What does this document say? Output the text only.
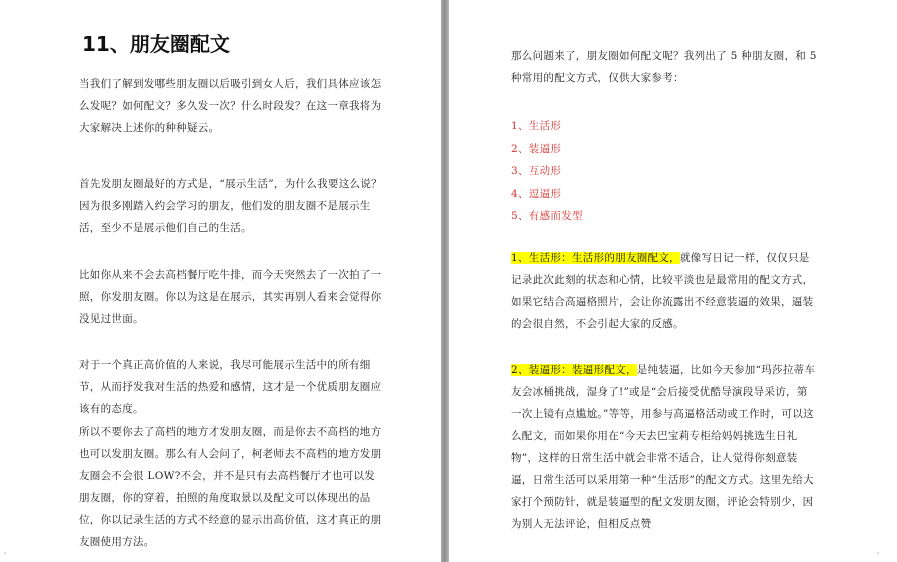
11、朋友圈配文

当我们了解到发哪些朋友圈以后吸引到女人后，我们具体应该怎么发呢？如何配文？多久发一次？什么时段发？在这一章我将为大家解决上述你的种种疑云。

首先发朋友圈最好的方式是，“展示生活”，为什么我要这么说？因为很多刚踏入约会学习的朋友，他们发的朋友圈不是展示生活，至少不是展示他们自己的生活。

比如你从来不会去高档餐厅吃牛排，而今天突然去了一次拍了一照，你发朋友圈。你以为这是在展示，其实再别人看来会觉得你没见过世面。

对于一个真正高价值的人来说，我尽可能展示生活中的所有细节，从而抒发我对生活的热爱和感情，这才是一个优质朋友圈应该有的态度。

所以不要你去了高档的地方才发朋友圈，而是你去不高档的地方也可以发朋友圈。那么有人会问了，柯老师去不高档的地方发朋友圈会不会很 LOW?不会，并不是只有去高档餐厅才也可以发朋友圈，你的穿着，拍照的角度取景以及配文可以体现出的品位，你以记录生活的方式不经意的显示出高价值，这才真正的朋友圈使用方法。

'

那么问题来了，朋友圈如何配文呢？我列出了 5 种朋友圈，和 5 种常用的配文方式，仅供大家参考：

1、生活形
2、装逼形
3、互动形
4、逗逼形
5、有感而发型

1、生活形：生活形的朋友圈配文，就像写日记一样，仅仅只是记录此次此刻的状态和心情，比较平淡也是最常用的配文方式，如果它结合高逼格照片，会让你流露出不经意装逼的效果，逼装的会很自然，不会引起大家的反感。

2、装逼形：装逼形配文，是纯装逼，比如今天参加“玛莎拉蒂车友会冰桶挑战，湿身了!”或是“会后接受优酷导演段导采访，第一次上镜有点尴尬。”等等，用参与高逼格活动或工作时，可以这么配文，而如果你用在“今天去巴宝莉专柜给妈妈挑选生日礼物”，这样的日常生活中就会非常不适合，让人觉得你刻意装逼，日常生活可以采用第一种“生活形”的配文方式。这里先给大家打个预防针，就是装逼型的配文发朋友圈，评论会特别少，因为别人无法评论，但相反点赞

'
